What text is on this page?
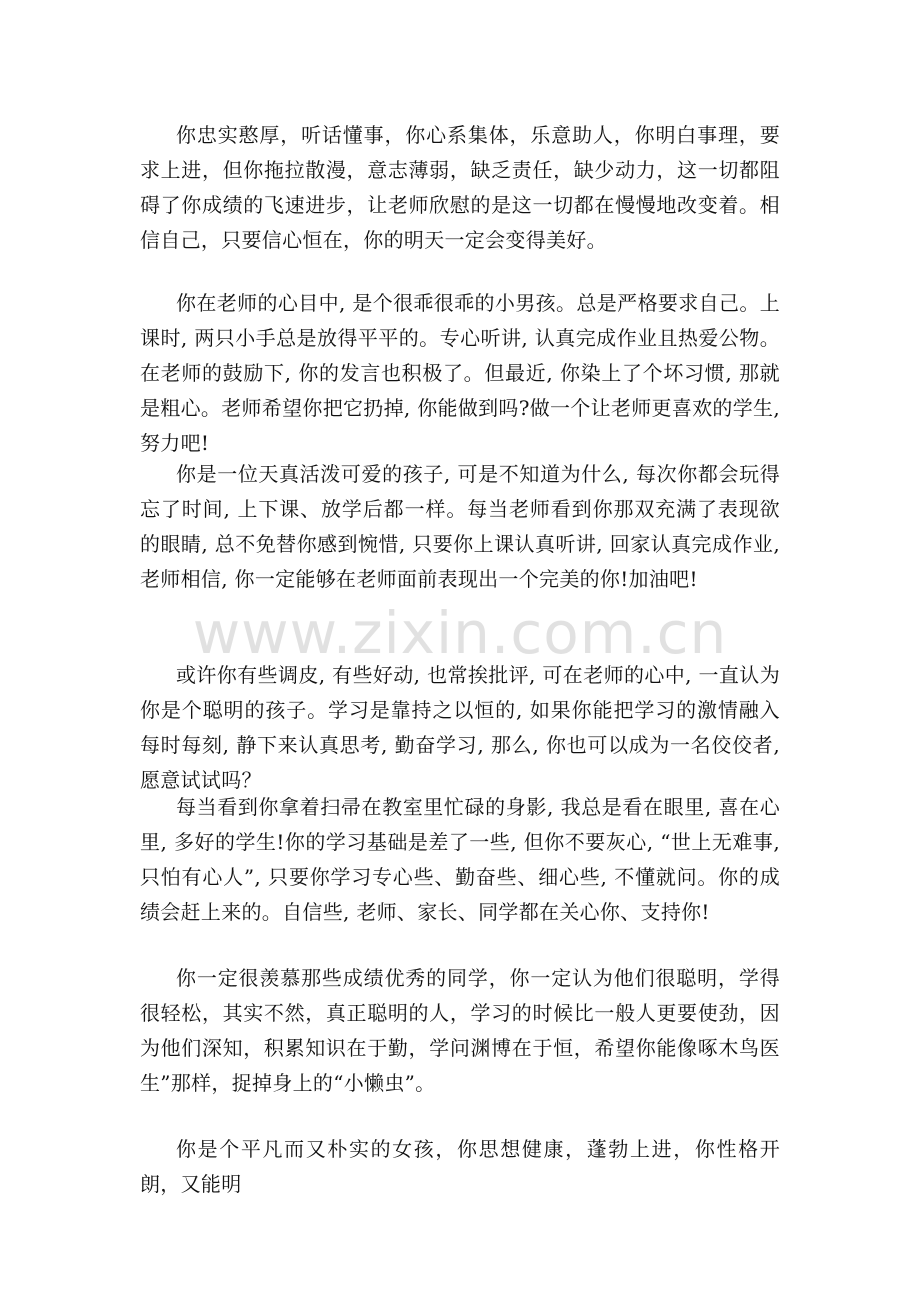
你忠实憨厚，听话懂事，你心系集体，乐意助人，你明白事理，要求上进，但你拖拉散漫，意志薄弱，缺乏责任，缺少动力，这一切都阻碍了你成绩的飞速进步，让老师欣慰的是这一切都在慢慢地改变着。相信自己，只要信心恒在，你的明天一定会变得美好。

你在老师的心目中, 是个很乖很乖的小男孩。总是严格要求自己。上课时, 两只小手总是放得平平的。专心听讲, 认真完成作业且热爱公物。在老师的鼓励下, 你的发言也积极了。但最近, 你染上了个坏习惯, 那就是粗心。老师希望你把它扔掉, 你能做到吗?做一个让老师更喜欢的学生, 努力吧!

你是一位天真活泼可爱的孩子, 可是不知道为什么, 每次你都会玩得忘了时间, 上下课、放学后都一样。每当老师看到你那双充满了表现欲的眼睛, 总不免替你感到惋惜, 只要你上课认真听讲, 回家认真完成作业, 老师相信, 你一定能够在老师面前表现出一个完美的你!加油吧!

www.zixin.com.cn

或许你有些调皮, 有些好动, 也常挨批评, 可在老师的心中, 一直认为你是个聪明的孩子。学习是靠持之以恒的, 如果你能把学习的激情融入每时每刻, 静下来认真思考, 勤奋学习, 那么, 你也可以成为一名佼佼者, 愿意试试吗？

每当看到你拿着扫帚在教室里忙碌的身影, 我总是看在眼里, 喜在心里, 多好的学生!你的学习基础是差了一些, 但你不要灰心, “世上无难事, 只怕有心人”, 只要你学习专心些、勤奋些、细心些, 不懂就问。你的成绩会赶上来的。自信些, 老师、家长、同学都在关心你、支持你!

你一定很羡慕那些成绩优秀的同学，你一定认为他们很聪明，学得很轻松，其实不然，真正聪明的人，学习的时候比一般人更要使劲，因为他们深知，积累知识在于勤，学问渊博在于恒，希望你能像啄木鸟医生”那样，捉掉身上的“小懒虫”。

你是个平凡而又朴实的女孩，你思想健康，蓬勃上进，你性格开朗，又能明
